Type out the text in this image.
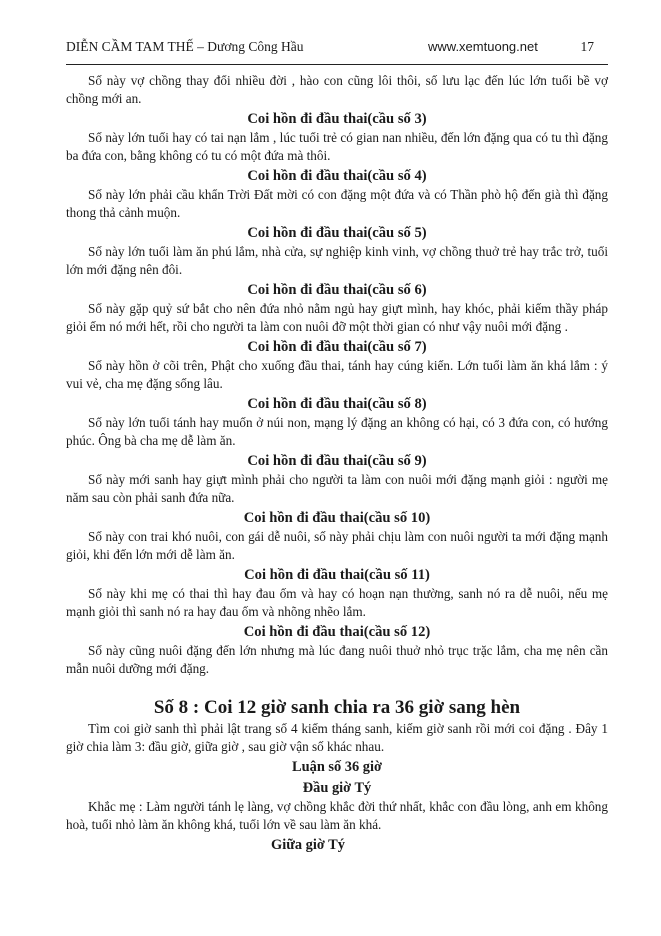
DIỄN CẦM TAM THẾ – Dương Công Hầu	www.xemtuong.net	17

Số này vợ chồng thay đổi nhiều đời , hào con cũng lôi thôi, số lưu lạc đến lúc lớn tuổi bề vợ chồng mới an.

Coi hồn đi đầu thai(cầu số 3)

Số này lớn tuổi hay có tai nạn lắm , lúc tuổi trẻ có gian nan nhiều, đến lớn đặng qua có tu thì đặng ba đứa con, bằng không có tu có một đứa mà thôi.

Coi hồn đi đầu thai(cầu số 4)

Số này lớn phải cầu khẩn Trời Đất mời có con đặng một đứa và có Thần phò hộ đến già thì đặng thong thả cảnh muộn.

Coi hồn đi đầu thai(cầu số 5)

Số này lớn tuổi làm ăn phú lắm, nhà cửa, sự nghiệp kinh vinh, vợ chồng thuở trẻ hay trắc trở, tuổi lớn mới đặng nên đôi.

Coi hồn đi đầu thai(cầu số 6)

Số này gặp quỷ sứ bắt cho nên đứa nhỏ nằm ngủ hay giựt mình, hay khóc, phải kiếm thầy pháp giỏi ếm nó mới hết, rồi cho người ta làm con nuôi đỡ một thời gian có như vậy nuôi mới đặng .

Coi hồn đi đầu thai(cầu số 7)

Số này hồn ở cõi trên, Phật cho xuống đầu thai, tánh hay cúng kiến. Lớn tuổi làm ăn khá lắm : ý vui vẻ, cha mẹ đặng sống lâu.

Coi hồn đi đầu thai(cầu số 8)

Số này lớn tuổi tánh hay muốn ở núi non, mạng lý đặng an không có hại, có 3 đứa con, có hướng phúc. Ông bà cha mẹ dễ làm ăn.

Coi hồn đi đầu thai(cầu số 9)

Số này mới sanh hay giựt mình phải cho người ta làm con nuôi mới đặng mạnh giỏi : người mẹ năm sau còn phải sanh đứa nữa.

Coi hồn đi đầu thai(cầu số 10)

Số này con trai khó nuôi, con gái dễ nuôi, số này phải chịu làm con nuôi người ta mới đặng mạnh giỏi, khi đến lớn mới dễ làm ăn.

Coi hồn đi đầu thai(cầu số 11)

Số này khi mẹ có thai thì hay đau ốm và hay có hoạn nạn thường, sanh nó ra dễ nuôi, nếu mẹ mạnh giỏi thì sanh nó ra hay đau ốm và nhõng nhẽo lắm.

Coi hồn đi đầu thai(cầu số 12)

Số này cũng nuôi đặng đến lớn nhưng mà lúc đang nuôi thuở nhỏ trục trặc lắm, cha mẹ nên cần mẫn nuôi dưỡng mới đặng.

Số 8 : Coi 12 giờ sanh chia ra 36 giờ sang hèn

Tìm coi giờ sanh thì phải lật trang số 4 kiếm tháng sanh, kiếm giờ sanh rồi mới coi đặng . Đây 1 giờ chia làm 3: đầu giờ, giữa giờ , sau giờ vận số khác nhau.

Luận số 36 giờ
Đầu giờ Tý

Khắc mẹ : Làm người tánh lẹ làng, vợ chồng khắc đời thứ nhất, khắc con đầu lòng, anh em không hoà, tuổi nhỏ làm ăn không khá, tuổi lớn về sau làm ăn khá.

Giữa giờ Tý
